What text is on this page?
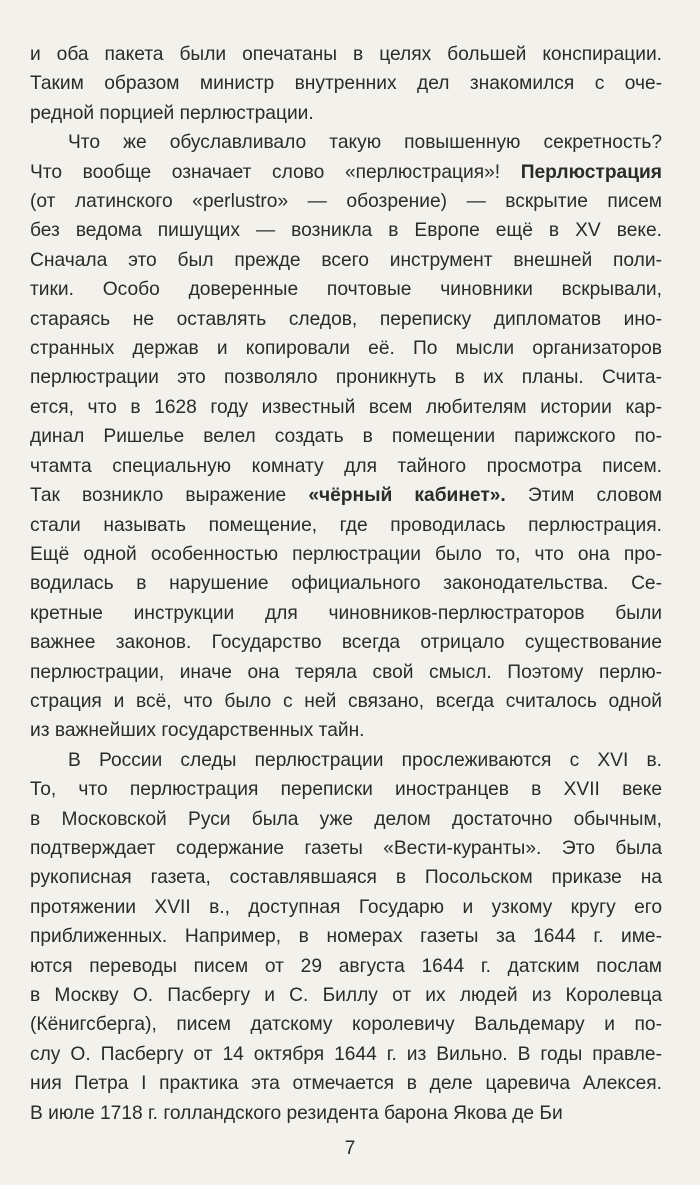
и оба пакета были опечатаны в целях большей конспирации.
Таким образом министр внутренних дел знакомился с оче-
редной порцией перлюстрации.
Что же обуславливало такую повышенную секретность?
Что вообще означает слово «перлюстрация»! Перлюстрация
(от латинского «perlustro» — обозрение) — вскрытие писем
без ведома пишущих — возникла в Европе ещё в XV веке.
Сначала это был прежде всего инструмент внешней поли-
тики. Особо доверенные почтовые чиновники вскрывали,
стараясь не оставлять следов, переписку дипломатов ино-
странных держав и копировали её. По мысли организаторов
перлюстрации это позволяло проникнуть в их планы. Счита-
ется, что в 1628 году известный всем любителям истории кар-
динал Ришелье велел создать в помещении парижского по-
чтамта специальную комнату для тайного просмотра писем.
Так возникло выражение «чёрный кабинет». Этим словом
стали называть помещение, где проводилась перлюстрация.
Ещё одной особенностью перлюстрации было то, что она про-
водилась в нарушение официального законодательства. Се-
кретные инструкции для чиновников-перлюстраторов были
важнее законов. Государство всегда отрицало существование
перлюстрации, иначе она теряла свой смысл. Поэтому перлю-
страция и всё, что было с ней связано, всегда считалось одной
из важнейших государственных тайн.
В России следы перлюстрации прослеживаются с XVI в.
То, что перлюстрация переписки иностранцев в XVII веке
в Московской Руси была уже делом достаточно обычным,
подтверждает содержание газеты «Вести-куранты». Это была
рукописная газета, составлявшаяся в Посольском приказе на
протяжении XVII в., доступная Государю и узкому кругу его
приближенных. Например, в номерах газеты за 1644 г. име-
ются переводы писем от 29 августа 1644 г. датским послам
в Москву О. Пасбергу и С. Биллу от их людей из Королевца
(Кёнигсберга), писем датскому королевичу Вальдемару и по-
слу О. Пасбергу от 14 октября 1644 г. из Вильно. В годы правле-
ния Петра I практика эта отмечается в деле царевича Алексея.
В июле 1718 г. голландского резидента барона Якова де Би
7
